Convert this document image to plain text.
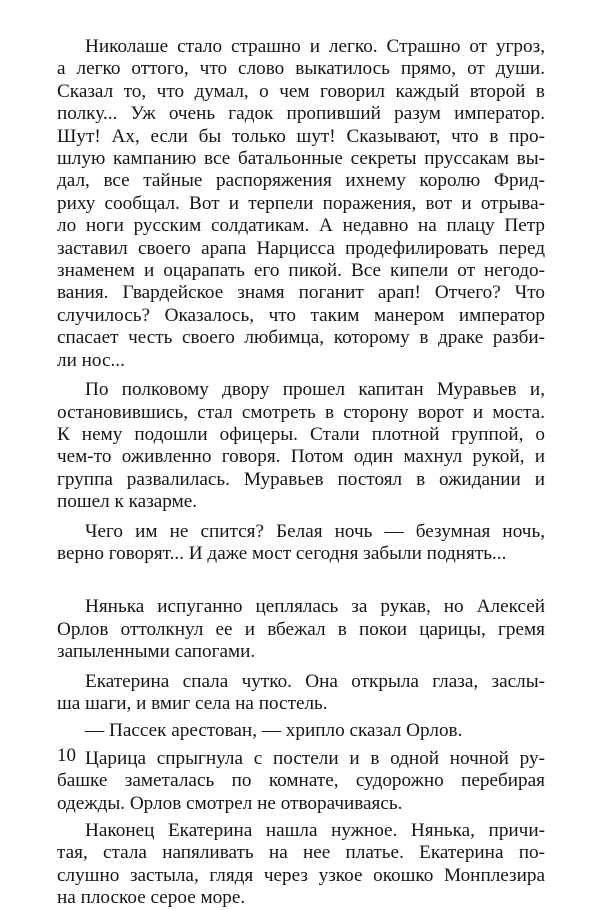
Николаше стало страшно и легко. Страшно от угроз,
а легко оттого, что слово выкатилось прямо, от души.
Сказал то, что думал, о чем говорил каждый второй в
полку... Уж очень гадок пропивший разум император.
Шут! Ах, если бы только шут! Сказывают, что в про-
шлую кампанию все батальонные секреты пруссакам вы-
дал, все тайные распоряжения ихнему королю Фрид-
риху сообщал. Вот и терпели поражения, вот и отрыва-
ло ноги русским солдатикам. А недавно на плацу Петр
заставил своего арапа Нарцисса продефилировать перед
знаменем и оцарапать его пикой. Все кипели от негодо-
вания. Гвардейское знамя поганит арап! Отчего? Что
случилось? Оказалось, что таким манером император
спасает честь своего любимца, которому в драке разби-
ли нос...
По полковому двору прошел капитан Муравьев и,
остановившись, стал смотреть в сторону ворот и моста.
К нему подошли офицеры. Стали плотной группой, о
чем-то оживленно говоря. Потом один махнул рукой, и
группа развалилась. Муравьев постоял в ожидании и
пошел к казарме.
Чего им не спится? Белая ночь — безумная ночь,
верно говорят... И даже мост сегодня забыли поднять...
Нянька испуганно цеплялась за рукав, но Алексей
Орлов оттолкнул ее и вбежал в покои царицы, гремя
запыленными сапогами.
Екатерина спала чутко. Она открыла глаза, заслы-
ша шаги, и вмиг села на постель.
— Пассек арестован, — хрипло сказал Орлов.
Царица спрыгнула с постели и в одной ночной ру-
башке заметалась по комнате, судорожно перебирая
одежды. Орлов смотрел не отворачиваясь.
Наконец Екатерина нашла нужное. Нянька, причи-
тая, стала напяливать на нее платье. Екатерина по-
слушно застыла, глядя через узкое окошко Монплезира
на плоское серое море.
10
